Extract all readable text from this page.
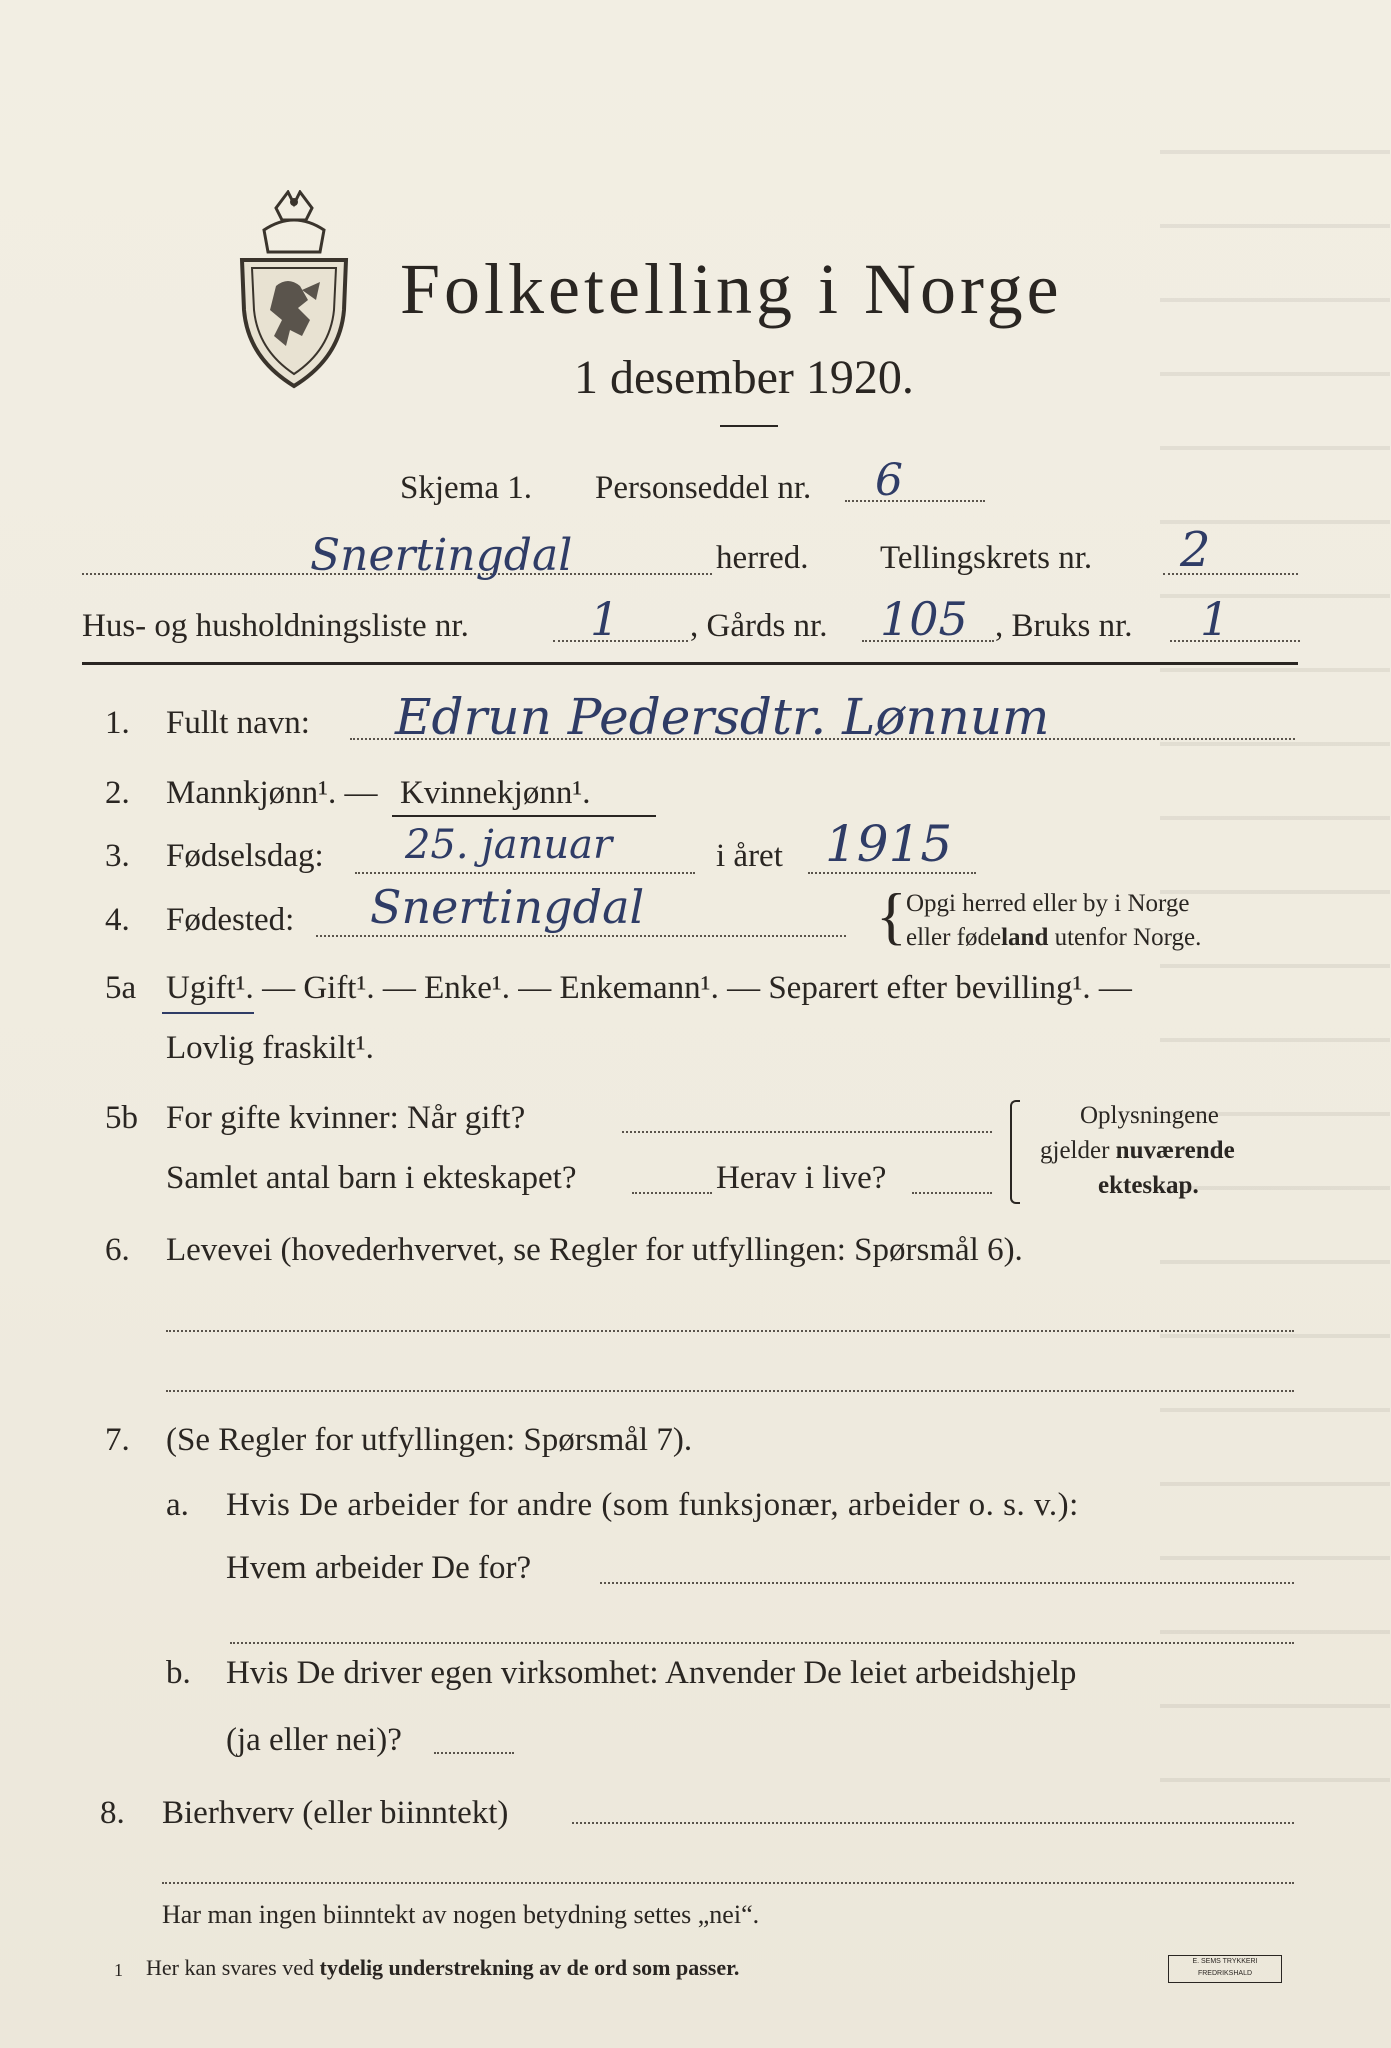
Folketelling i Norge
1 desember 1920.
Skjema 1. Personseddel nr. 6
Snertingdal	herred. Tellingskrets nr. 2
Hus- og husholdningsliste nr.	1 , Gårds nr. 105 , Bruks nr. 1
1. Fullt navn: Edrun Pedersdtr. Lønnum
2. Mannkjønn¹. — Kvinnekjønn¹.
3. Fødselsdag: 25. januar	i året 1915
4. Fødested: Snertingdal	{ Opgi herred eller by i Norge
eller fødeland utenfor Norge.
5a Ugift¹. — Gift¹. — Enke¹. — Enkemann¹. — Separert efter bevilling¹. —
Lovlig fraskilt¹.
5b For gifte kvinner: Når gift?
Samlet antal barn i ekteskapet?	Herav i live?
Oplysningene
gjelder nuværende
ekteskap.
6. Levevei (hovederhvervet, se Regler for utfyllingen: Spørsmål 6).
7. (Se Regler for utfyllingen: Spørsmål 7).
a. Hvis De arbeider for andre (som funksjonær, arbeider o. s. v.):
Hvem arbeider De for?
b. Hvis De driver egen virksomhet: Anvender De leiet arbeidshjelp
(ja eller nei)?
8. Bierhverv (eller biinntekt)
Har man ingen biinntekt av nogen betydning settes „nei“.
1 Her kan svares ved tydelig understrekning av de ord som passer.	E. SEMS TRYKKERI FREDRIKSHALD
